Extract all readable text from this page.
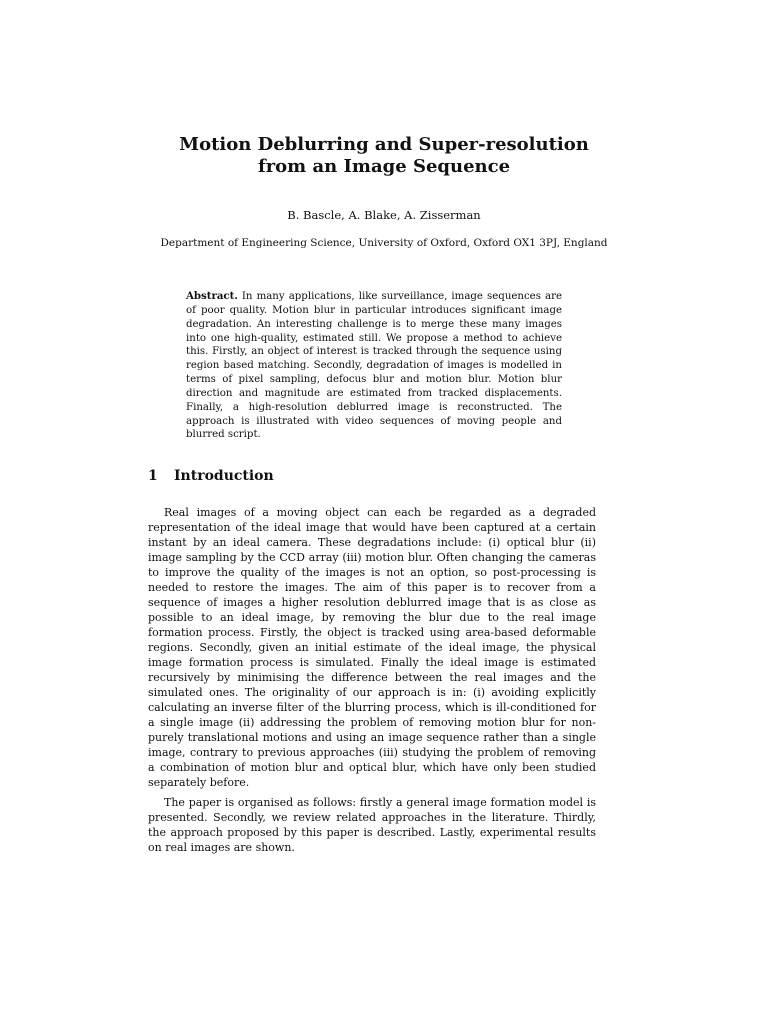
Motion Deblurring and Super-resolution
from an Image Sequence
B. Bascle, A. Blake, A. Zisserman
Department of Engineering Science, University of Oxford, Oxford OX1 3PJ, England

Abstract. In many applications, like surveillance, image sequences are of poor quality. Motion blur in particular introduces significant image degradation. An interesting challenge is to merge these many images into one high-quality, estimated still. We propose a method to achieve this. Firstly, an object of interest is tracked through the sequence using region based matching. Secondly, degradation of images is modelled in terms of pixel sampling, defocus blur and motion blur. Motion blur direction and magnitude are estimated from tracked displacements. Finally, a high-resolution deblurred image is reconstructed. The approach is illustrated with video sequences of moving people and blurred script.

1 Introduction

Real images of a moving object can each be regarded as a degraded representation of the ideal image that would have been captured at a certain instant by an ideal camera. These degradations include: (i) optical blur (ii) image sampling by the CCD array (iii) motion blur. Often changing the cameras to improve the quality of the images is not an option, so post-processing is needed to restore the images. The aim of this paper is to recover from a sequence of images a higher resolution deblurred image that is as close as possible to an ideal image, by removing the blur due to the real image formation process. Firstly, the object is tracked using area-based deformable regions. Secondly, given an initial estimate of the ideal image, the physical image formation process is simulated. Finally the ideal image is estimated recursively by minimising the difference between the real images and the simulated ones. The originality of our approach is in: (i) avoiding explicitly calculating an inverse filter of the blurring process, which is ill-conditioned for a single image (ii) addressing the problem of removing motion blur for non-purely translational motions and using an image sequence rather than a single image, contrary to previous approaches (iii) studying the problem of removing a combination of motion blur and optical blur, which have only been studied separately before.

The paper is organised as follows: firstly a general image formation model is presented. Secondly, we review related approaches in the literature. Thirdly, the approach proposed by this paper is described. Lastly, experimental results on real images are shown.
